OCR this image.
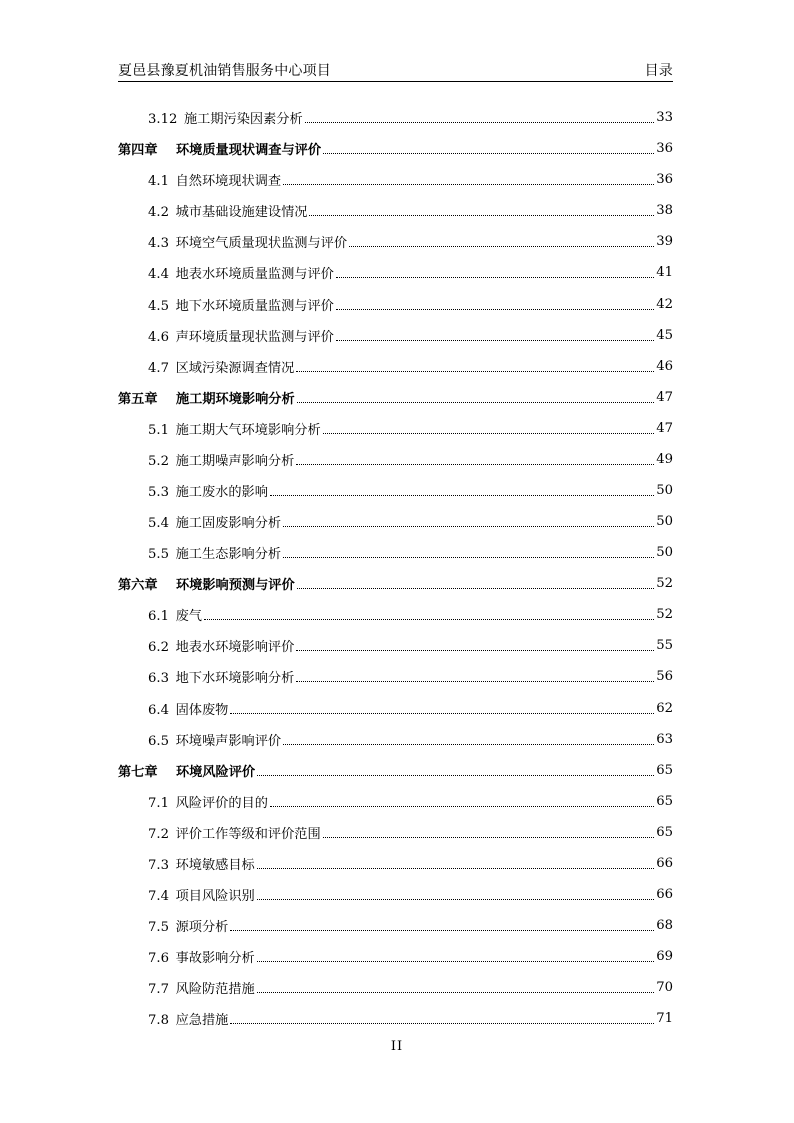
夏邑县豫夏机油销售服务中心项目	目录
3.12  施工期污染因素分析	33
第四章 环境质量现状调查与评价	36
4.1  自然环境现状调查	36
4.2  城市基础设施建设情况	38
4.3  环境空气质量现状监测与评价	39
4.4  地表水环境质量监测与评价	41
4.5  地下水环境质量监测与评价	42
4.6  声环境质量现状监测与评价	45
4.7  区域污染源调查情况	46
第五章 施工期环境影响分析	47
5.1  施工期大气环境影响分析	47
5.2  施工期噪声影响分析	49
5.3  施工废水的影响	50
5.4  施工固废影响分析	50
5.5  施工生态影响分析	50
第六章 环境影响预测与评价	52
6.1  废气	52
6.2  地表水环境影响评价	55
6.3  地下水环境影响分析	56
6.4  固体废物	62
6.5  环境噪声影响评价	63
第七章 环境风险评价	65
7.1  风险评价的目的	65
7.2  评价工作等级和评价范围	65
7.3  环境敏感目标	66
7.4  项目风险识别	66
7.5  源项分析	68
7.6  事故影响分析	69
7.7  风险防范措施	70
7.8  应急措施	71
II
